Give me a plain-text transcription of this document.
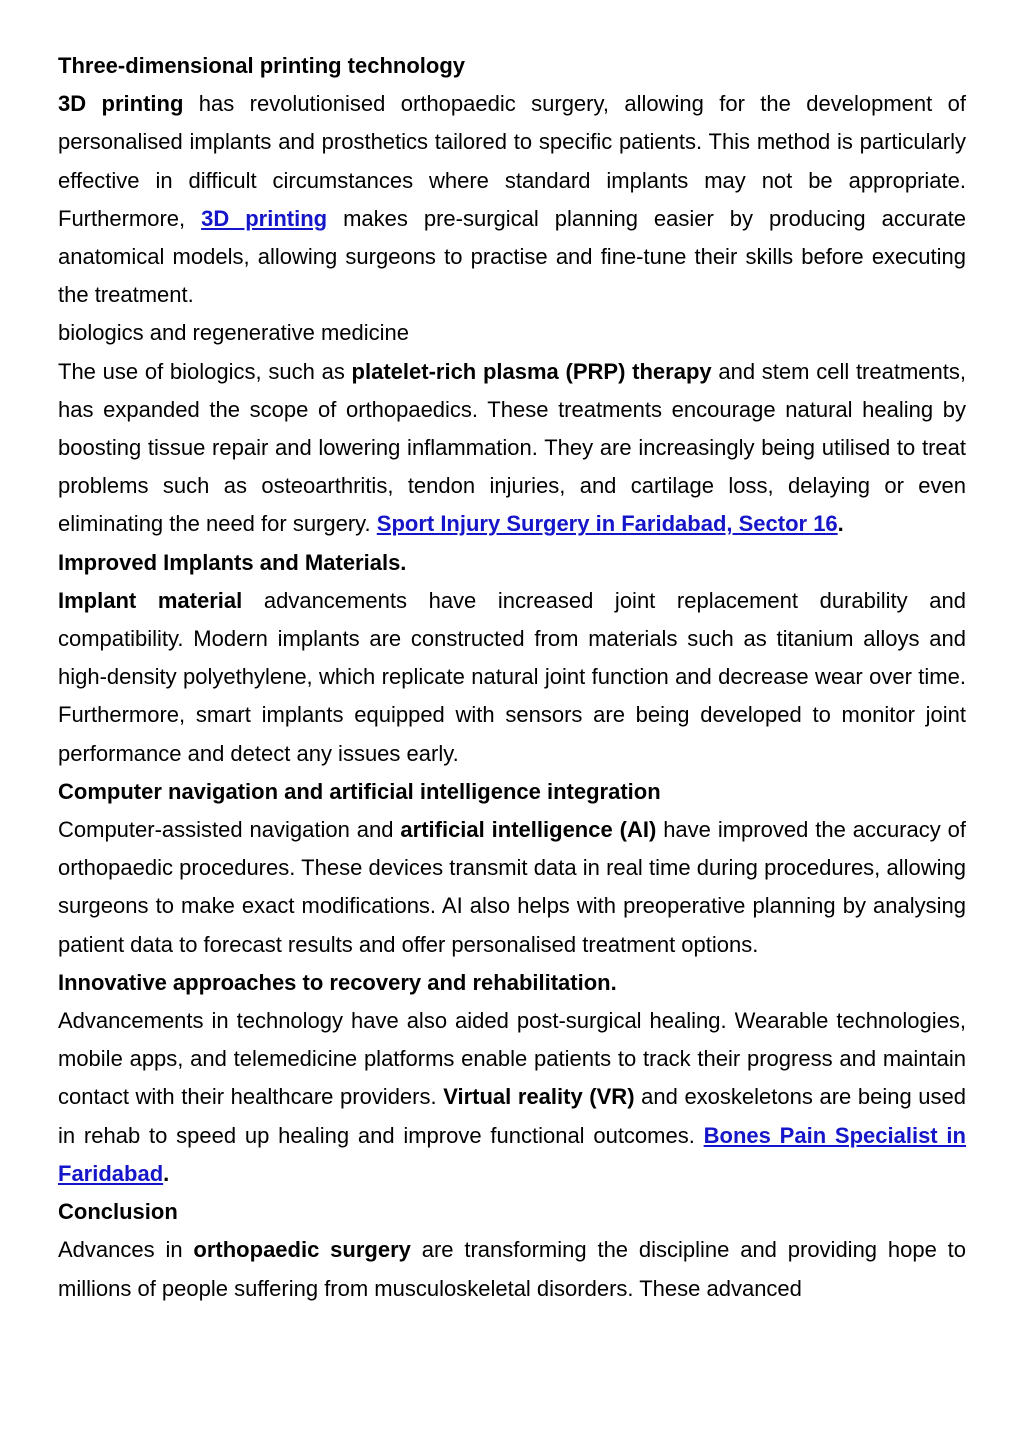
Three-dimensional printing technology

3D printing has revolutionised orthopaedic surgery, allowing for the development of personalised implants and prosthetics tailored to specific patients. This method is particularly effective in difficult circumstances where standard implants may not be appropriate. Furthermore, 3D printing makes pre-surgical planning easier by producing accurate anatomical models, allowing surgeons to practise and fine-tune their skills before executing the treatment.

biologics and regenerative medicine

The use of biologics, such as platelet-rich plasma (PRP) therapy and stem cell treatments, has expanded the scope of orthopaedics. These treatments encourage natural healing by boosting tissue repair and lowering inflammation. They are increasingly being utilised to treat problems such as osteoarthritis, tendon injuries, and cartilage loss, delaying or even eliminating the need for surgery. Sport Injury Surgery in Faridabad, Sector 16.

Improved Implants and Materials.

Implant material advancements have increased joint replacement durability and compatibility. Modern implants are constructed from materials such as titanium alloys and high-density polyethylene, which replicate natural joint function and decrease wear over time. Furthermore, smart implants equipped with sensors are being developed to monitor joint performance and detect any issues early.

Computer navigation and artificial intelligence integration

Computer-assisted navigation and artificial intelligence (AI) have improved the accuracy of orthopaedic procedures. These devices transmit data in real time during procedures, allowing surgeons to make exact modifications. AI also helps with preoperative planning by analysing patient data to forecast results and offer personalised treatment options.

Innovative approaches to recovery and rehabilitation.

Advancements in technology have also aided post-surgical healing. Wearable technologies, mobile apps, and telemedicine platforms enable patients to track their progress and maintain contact with their healthcare providers. Virtual reality (VR) and exoskeletons are being used in rehab to speed up healing and improve functional outcomes. Bones Pain Specialist in Faridabad.

Conclusion

Advances in orthopaedic surgery are transforming the discipline and providing hope to millions of people suffering from musculoskeletal disorders. These advanced
